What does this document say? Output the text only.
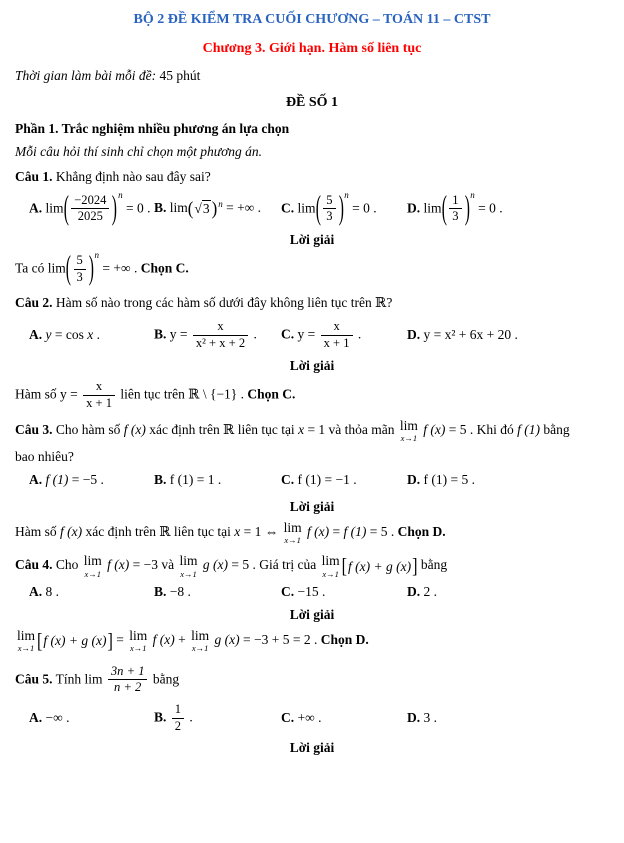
BỘ 2 ĐỀ KIỂM TRA CUỐI CHƯƠNG – TOÁN 11 – CTST
Chương 3. Giới hạn. Hàm số liên tục
Thời gian làm bài mỗi đề: 45 phút
ĐỀ SỐ 1
Phần 1. Trắc nghiệm nhiều phương án lựa chọn
Mỗi câu hỏi thí sinh chỉ chọn một phương án.
Câu 1. Khẳng định nào sau đây sai?
A. lim ( $\frac{-2024}{2025}$ ) n
= 0 . B. lim ( √3 ) n = +∞ .	C. lim ( $\frac{5}{3}$ ) n
= 0 .	D. lim ( $\frac{1}{3}$ ) n
= 0 .
Lời giải
Ta có lim ( $\frac{5}{3}$ ) n
= +∞ . Chọn C.
Câu 2. Hàm số nào trong các hàm số dưới đây không liên tục trên ℝ?
A. y = cos x .	B. $y = \frac{x}{\text{x² + x + 2}}$ .	C. $y = \frac{x}{x + 1}$ .	D. y = x² + 6x + 20 .
Lời giải
Hàm số $y = \frac{x}{x + 1}$ liên tục trên ℝ \ {−1} . Chọn C.
Câu 3. Cho hàm số f (x) xác định trên ℝ liên tục tại x = 1 và thỏa mãn lim
x→1
f (x) = 5 . Khi đó f (1) bằng
bao nhiêu?
A. f (1) = −5 .	B. f (1) = 1 .	C. f (1) = −1 .	D. f (1) = 5 .
Lời giải
Hàm số f (x) xác định trên ℝ liên tục tại x = 1 ⇔ lim
x→1
f (x) = f (1) = 5 . Chọn D.
Câu 4. Cho lim
x→1
f (x) = −3 và lim
x→1
g (x) = 5 . Giá trị của lim
x→1 [ f (x) + g (x) ] bằng
A. 8 .	B. −8 .	C. −15 .	D. 2 .
Lời giải
lim
x→1 [ f (x) + g (x) ] = lim
x→1
f (x) + lim
x→1
g (x) = −3 + 5 = 2 . Chọn D.
Câu 5. Tính $\lim \frac{3n + 1}{n + 2}$ bằng
A. −∞ .	B. $\frac{1}{2}$ .	C. +∞ .	D. 3 .
Lời giải
